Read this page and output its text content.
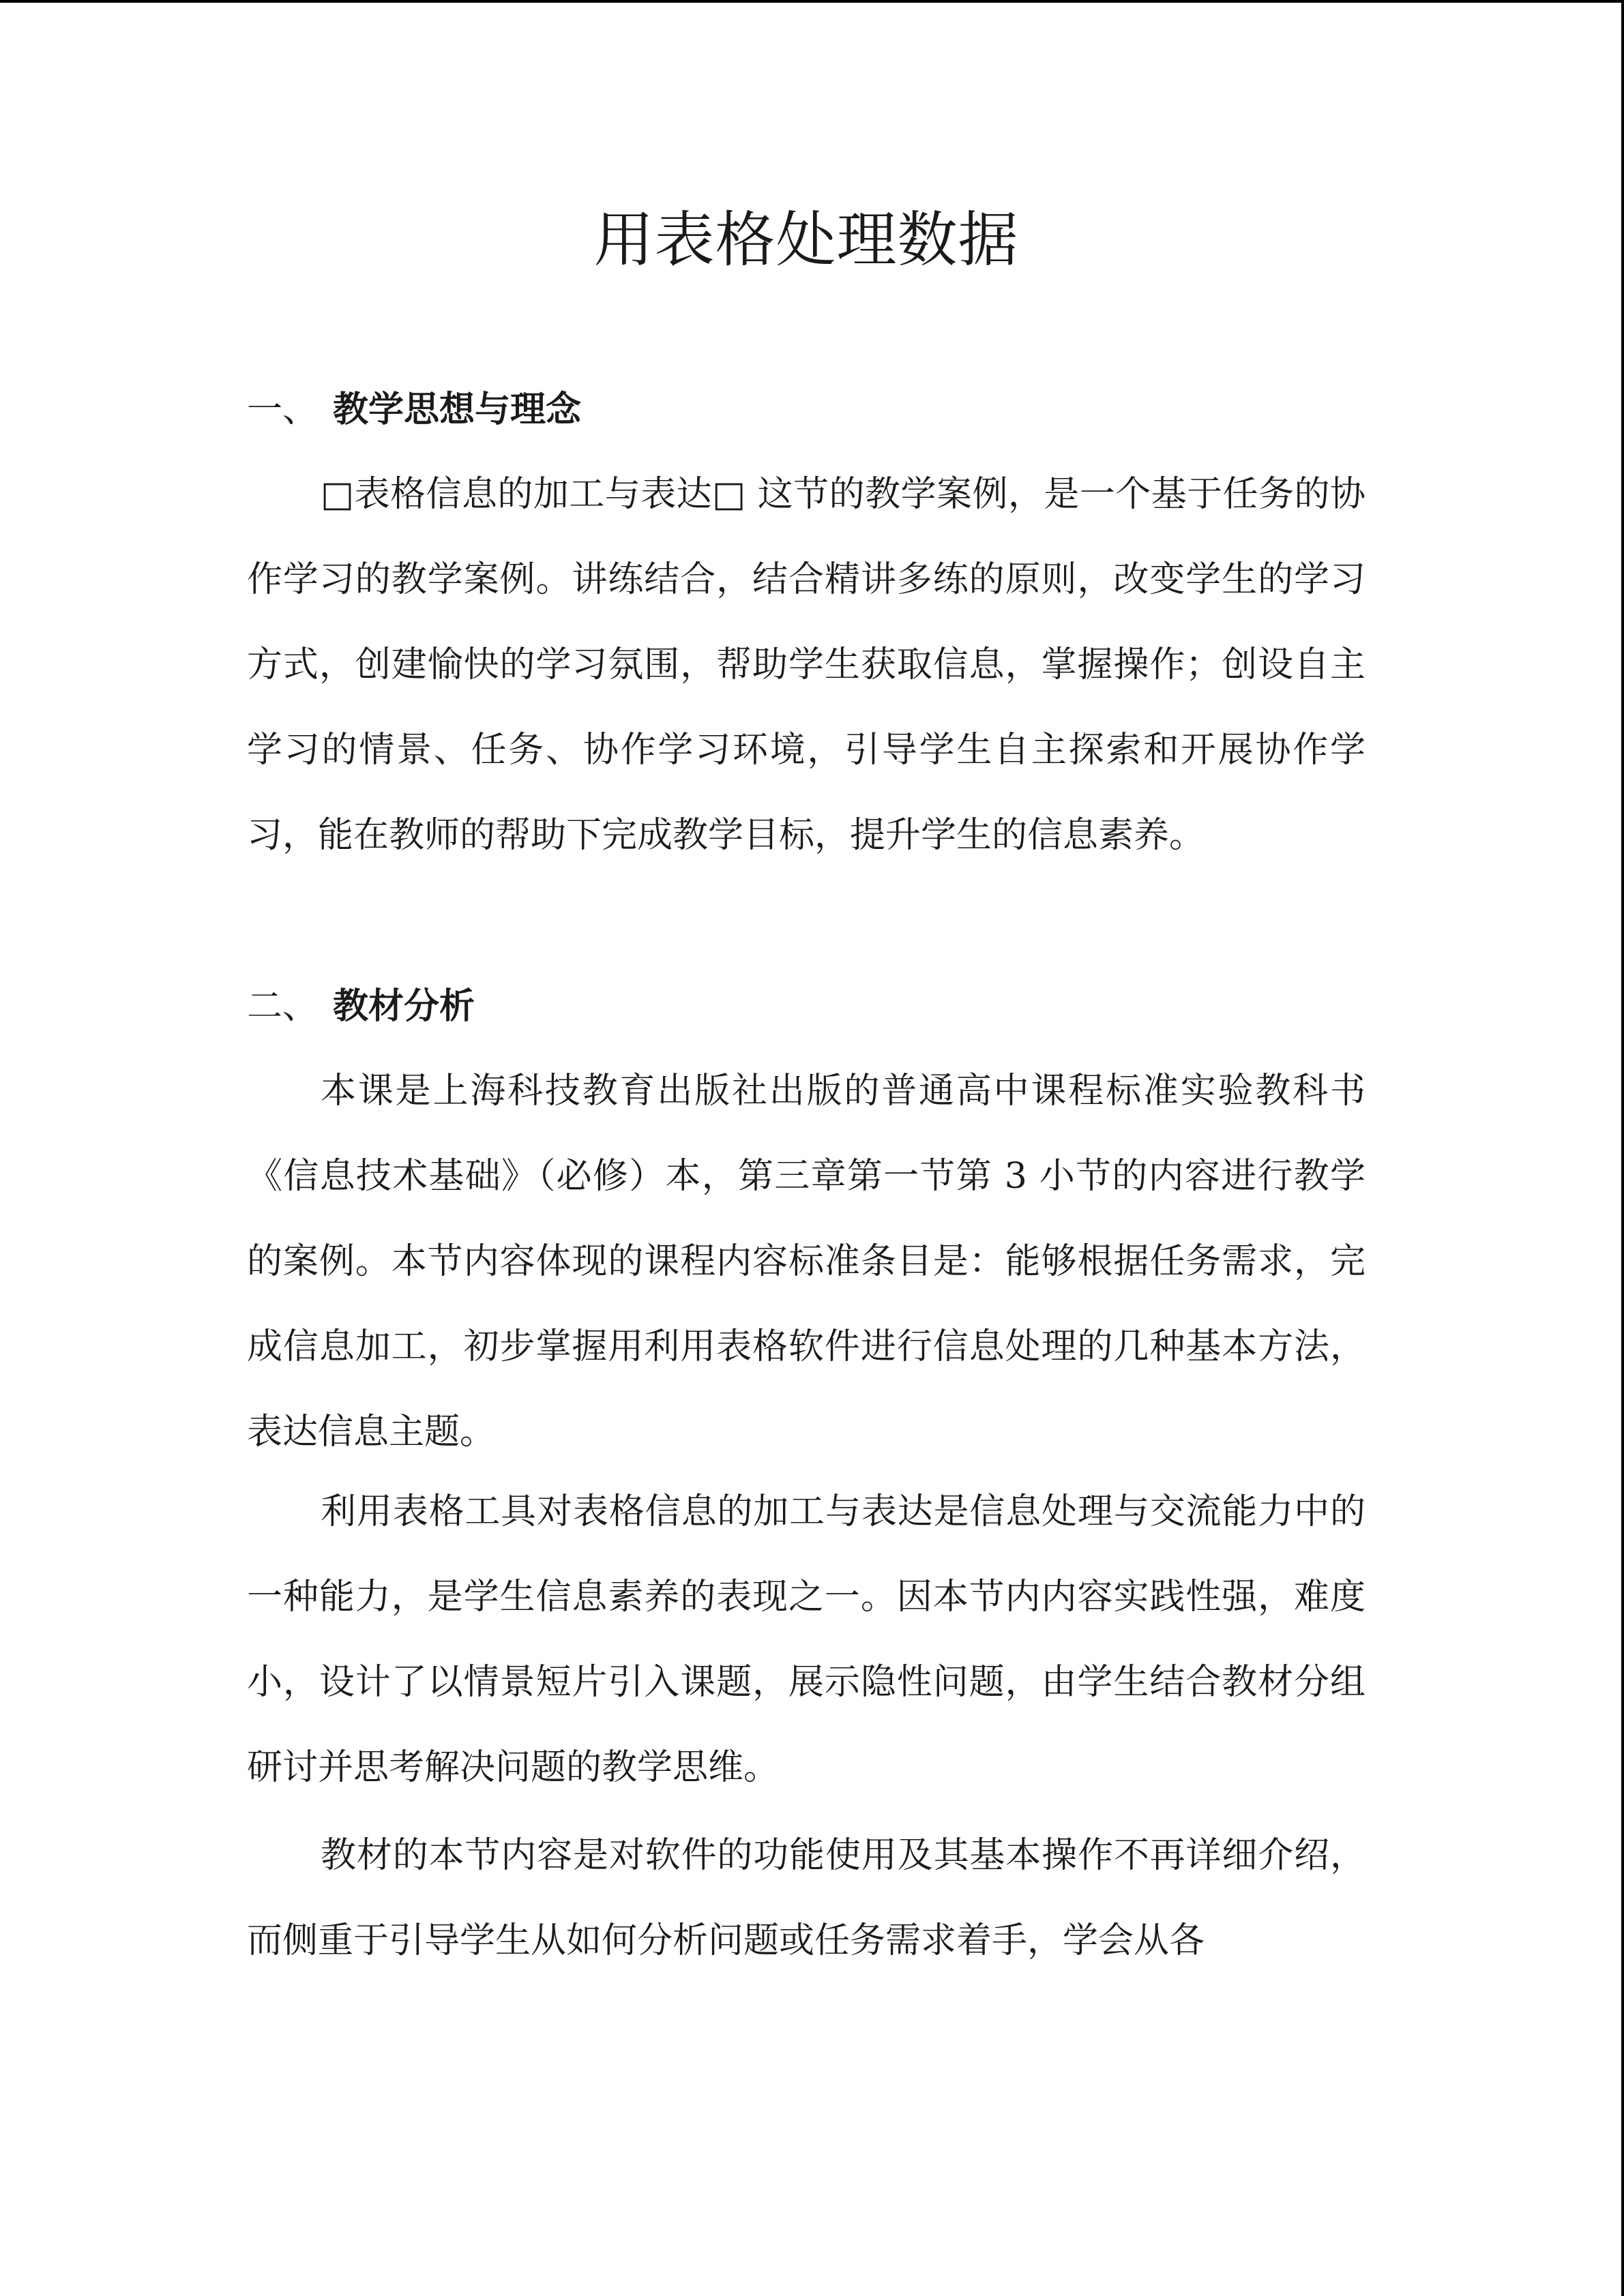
用表格处理数据
一、 教学思想与理念

□表格信息的加工与表达□ 这节的教学案例，是一个基于任务的协作学习的教学案例。讲练结合，结合精讲多练的原则，改变学生的学习方式，创建愉快的学习氛围，帮助学生获取信息，掌握操作；创设自主学习的情景、任务、协作学习环境，引导学生自主探索和开展协作学习，能在教师的帮助下完成教学目标，提升学生的信息素养。

二、 教材分析

本课是上海科技教育出版社出版的普通高中课程标准实验教科书《信息技术基础》（必修）本，第三章第一节第 3 小节的内容进行教学的案例。本节内容体现的课程内容标准条目是：能够根据任务需求，完成信息加工，初步掌握用利用表格软件进行信息处理的几种基本方法，表达信息主题。

利用表格工具对表格信息的加工与表达是信息处理与交流能力中的一种能力，是学生信息素养的表现之一。因本节内内容实践性强，难度小，设计了以情景短片引入课题，展示隐性问题，由学生结合教材分组研讨并思考解决问题的教学思维。

教材的本节内容是对软件的功能使用及其基本操作不再详细介绍，而侧重于引导学生从如何分析问题或任务需求着手，学会从各
